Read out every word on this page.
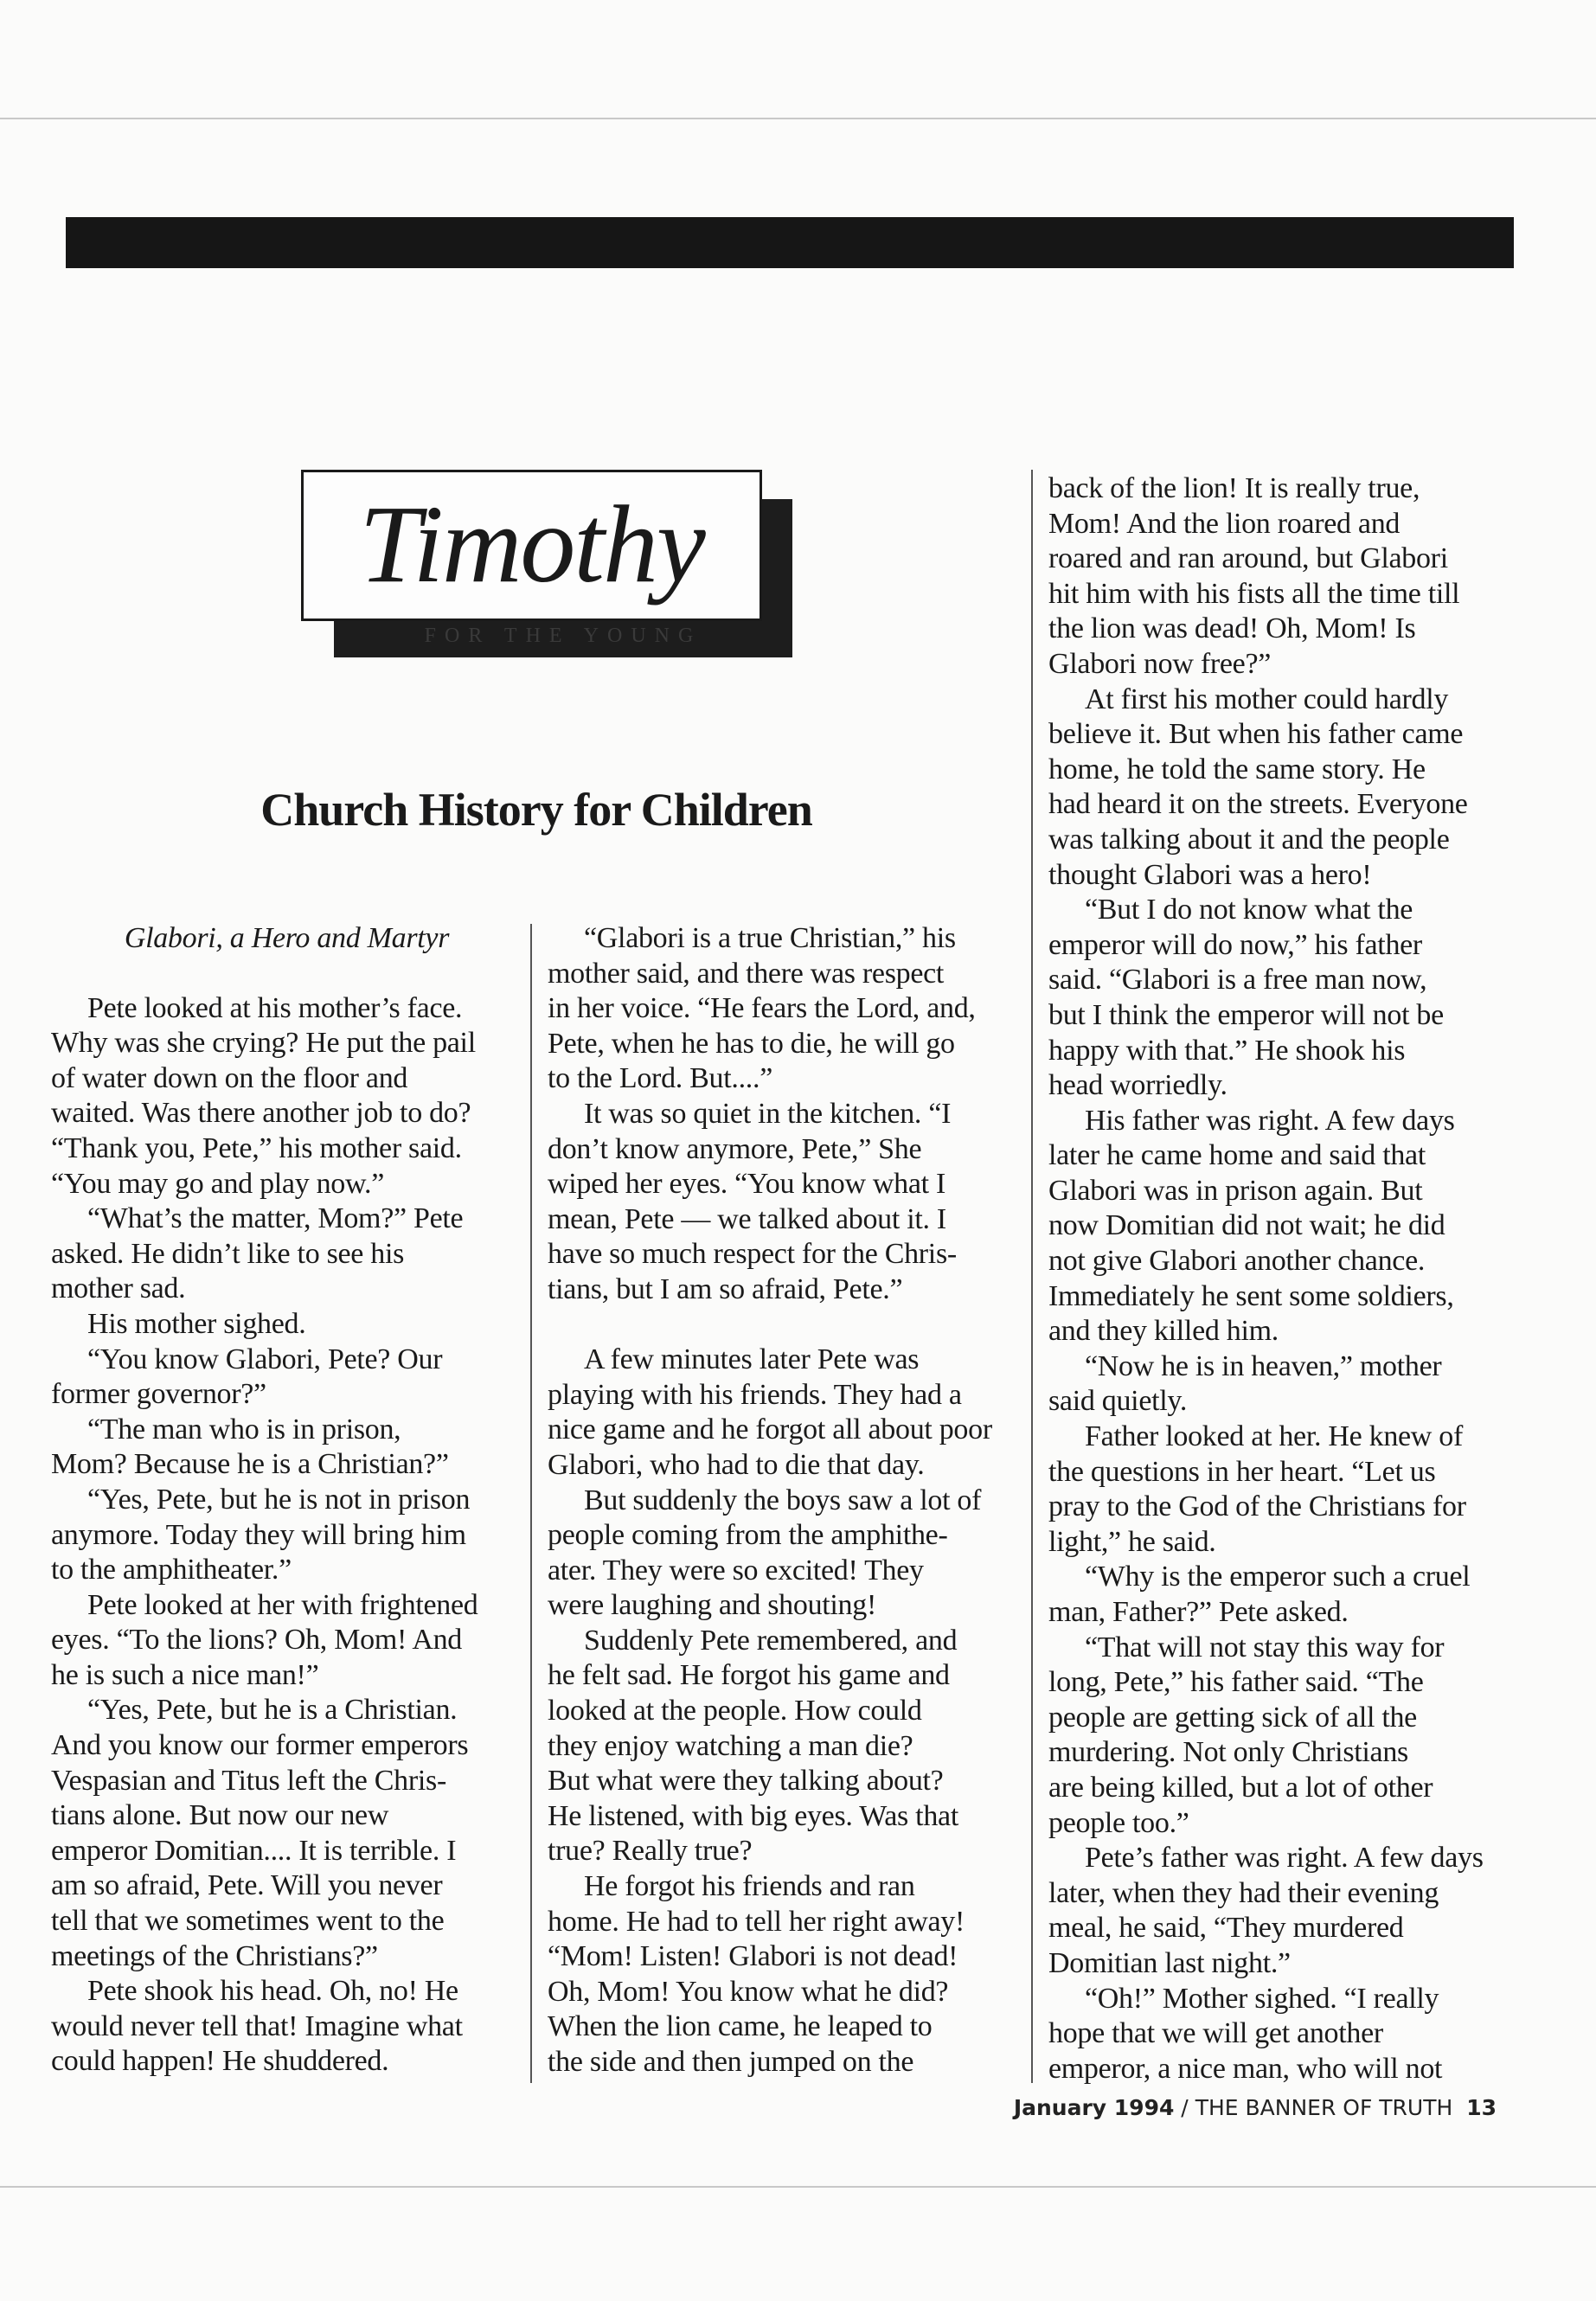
FOR THE YOUNG
Timothy
Church History for Children
Glabori, a Hero and Martyr
Pete looked at his mother’s face.
Why was she crying? He put the pail
of water down on the floor and
waited. Was there another job to do?
“Thank you, Pete,” his mother said.
“You may go and play now.”
“What’s the matter, Mom?” Pete
asked. He didn’t like to see his
mother sad.
His mother sighed.
“You know Glabori, Pete? Our
former governor?”
“The man who is in prison,
Mom? Because he is a Christian?”
“Yes, Pete, but he is not in prison
anymore. Today they will bring him
to the amphitheater.”
Pete looked at her with frightened
eyes. “To the lions? Oh, Mom! And
he is such a nice man!”
“Yes, Pete, but he is a Christian.
And you know our former emperors
Vespasian and Titus left the Chris-
tians alone. But now our new
emperor Domitian.... It is terrible. I
am so afraid, Pete. Will you never
tell that we sometimes went to the
meetings of the Christians?”
Pete shook his head. Oh, no! He
would never tell that! Imagine what
could happen! He shuddered.
“Glabori is a true Christian,” his
mother said, and there was respect
in her voice. “He fears the Lord, and,
Pete, when he has to die, he will go
to the Lord. But....”
It was so quiet in the kitchen. “I
don’t know anymore, Pete,” She
wiped her eyes. “You know what I
mean, Pete — we talked about it. I
have so much respect for the Chris-
tians, but I am so afraid, Pete.”
A few minutes later Pete was
playing with his friends. They had a
nice game and he forgot all about poor
Glabori, who had to die that day.
But suddenly the boys saw a lot of
people coming from the amphithe-
ater. They were so excited! They
were laughing and shouting!
Suddenly Pete remembered, and
he felt sad. He forgot his game and
looked at the people. How could
they enjoy watching a man die?
But what were they talking about?
He listened, with big eyes. Was that
true? Really true?
He forgot his friends and ran
home. He had to tell her right away!
“Mom! Listen! Glabori is not dead!
Oh, Mom! You know what he did?
When the lion came, he leaped to
the side and then jumped on the
back of the lion! It is really true,
Mom! And the lion roared and
roared and ran around, but Glabori
hit him with his fists all the time till
the lion was dead! Oh, Mom! Is
Glabori now free?”
At first his mother could hardly
believe it. But when his father came
home, he told the same story. He
had heard it on the streets. Everyone
was talking about it and the people
thought Glabori was a hero!
“But I do not know what the
emperor will do now,” his father
said. “Glabori is a free man now,
but I think the emperor will not be
happy with that.” He shook his
head worriedly.
His father was right. A few days
later he came home and said that
Glabori was in prison again. But
now Domitian did not wait; he did
not give Glabori another chance.
Immediately he sent some soldiers,
and they killed him.
“Now he is in heaven,” mother
said quietly.
Father looked at her. He knew of
the questions in her heart. “Let us
pray to the God of the Christians for
light,” he said.
“Why is the emperor such a cruel
man, Father?” Pete asked.
“That will not stay this way for
long, Pete,” his father said. “The
people are getting sick of all the
murdering. Not only Christians
are being killed, but a lot of other
people too.”
Pete’s father was right. A few days
later, when they had their evening
meal, he said, “They murdered
Domitian last night.”
“Oh!” Mother sighed. “I really
hope that we will get another
emperor, a nice man, who will not
January 1994 / THE BANNER OF TRUTH 13
